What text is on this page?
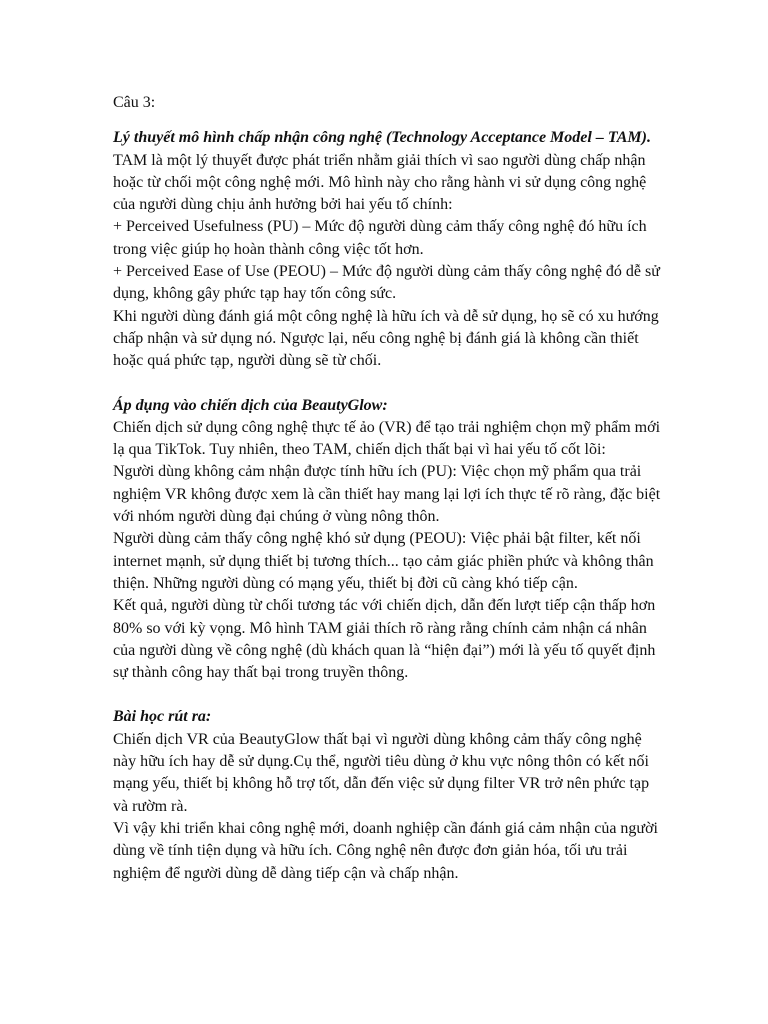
Câu 3:

Lý thuyết mô hình chấp nhận công nghệ (Technology Acceptance Model – TAM).

TAM là một lý thuyết được phát triển nhằm giải thích vì sao người dùng chấp nhận hoặc từ chối một công nghệ mới. Mô hình này cho rằng hành vi sử dụng công nghệ của người dùng chịu ảnh hưởng bởi hai yếu tố chính:

+ Perceived Usefulness (PU) – Mức độ người dùng cảm thấy công nghệ đó hữu ích trong việc giúp họ hoàn thành công việc tốt hơn.

+ Perceived Ease of Use (PEOU) – Mức độ người dùng cảm thấy công nghệ đó dễ sử dụng, không gây phức tạp hay tốn công sức.

Khi người dùng đánh giá một công nghệ là hữu ích và dễ sử dụng, họ sẽ có xu hướng chấp nhận và sử dụng nó. Ngược lại, nếu công nghệ bị đánh giá là không cần thiết hoặc quá phức tạp, người dùng sẽ từ chối.

Áp dụng vào chiến dịch của BeautyGlow:

Chiến dịch sử dụng công nghệ thực tế ảo (VR) để tạo trải nghiệm chọn mỹ phẩm mới lạ qua TikTok. Tuy nhiên, theo TAM, chiến dịch thất bại vì hai yếu tố cốt lõi:

Người dùng không cảm nhận được tính hữu ích (PU): Việc chọn mỹ phẩm qua trải nghiệm VR không được xem là cần thiết hay mang lại lợi ích thực tế rõ ràng, đặc biệt với nhóm người dùng đại chúng ở vùng nông thôn.

Người dùng cảm thấy công nghệ khó sử dụng (PEOU): Việc phải bật filter, kết nối internet mạnh, sử dụng thiết bị tương thích... tạo cảm giác phiền phức và không thân thiện. Những người dùng có mạng yếu, thiết bị đời cũ càng khó tiếp cận.

Kết quả, người dùng từ chối tương tác với chiến dịch, dẫn đến lượt tiếp cận thấp hơn 80% so với kỳ vọng. Mô hình TAM giải thích rõ ràng rằng chính cảm nhận cá nhân của người dùng về công nghệ (dù khách quan là “hiện đại”) mới là yếu tố quyết định sự thành công hay thất bại trong truyền thông.

Bài học rút ra:

Chiến dịch VR của BeautyGlow thất bại vì người dùng không cảm thấy công nghệ này hữu ích hay dễ sử dụng.Cụ thể, người tiêu dùng ở khu vực nông thôn có kết nối mạng yếu, thiết bị không hỗ trợ tốt, dẫn đến việc sử dụng filter VR trở nên phức tạp và rườm rà.

Vì vậy khi triển khai công nghệ mới, doanh nghiệp cần đánh giá cảm nhận của người dùng về tính tiện dụng và hữu ích. Công nghệ nên được đơn giản hóa, tối ưu trải nghiệm để người dùng dễ dàng tiếp cận và chấp nhận.
